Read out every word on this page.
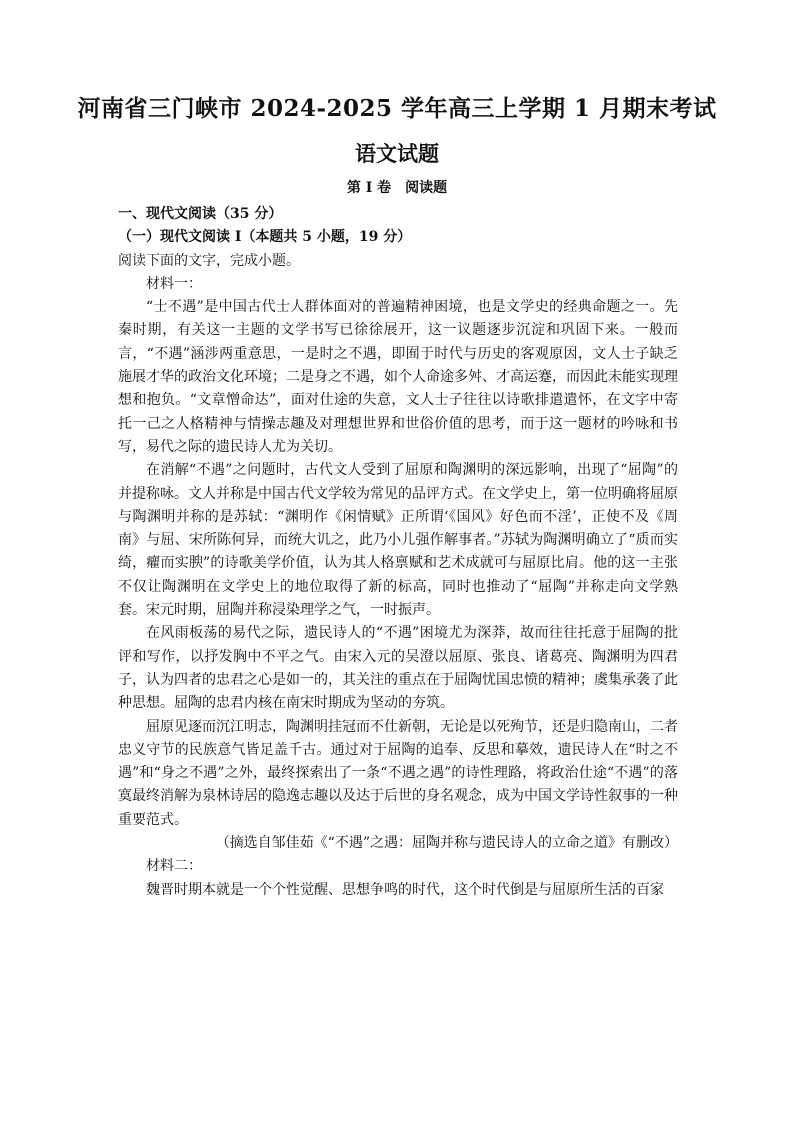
河南省三门峡市 2024-2025 学年高三上学期 1 月期末考试
语文试题
第 I 卷　阅读题

一、现代文阅读（35 分）

（一）现代文阅读 I（本题共 5 小题，19 分）

阅读下面的文字，完成小题。

材料一：

“士不遇”是中国古代士人群体面对的普遍精神困境，也是文学史的经典命题之一。先秦时期，有关这一主题的文学书写已徐徐展开，这一议题逐步沉淀和巩固下来。一般而言，“不遇”涵涉两重意思，一是时之不遇，即囿于时代与历史的客观原因，文人士子缺乏施展才华的政治文化环境；二是身之不遇，如个人命途多舛、才高运蹇，而因此未能实现理想和抱负。“文章憎命达”，面对仕途的失意，文人士子往往以诗歌排遣遣怀，在文字中寄托一己之人格精神与情操志趣及对理想世界和世俗价值的思考，而于这一题材的吟咏和书写，易代之际的遗民诗人尤为关切。

在消解“不遇”之问题时，古代文人受到了屈原和陶渊明的深远影响，出现了“屈陶”的并提称咏。文人并称是中国古代文学较为常见的品评方式。在文学史上，第一位明确将屈原与陶渊明并称的是苏轼：“渊明作《闲情赋》正所谓‘《国风》好色而不淫’，正使不及《周南》与屈、宋所陈何异，而统大讥之，此乃小儿强作解事者。”苏轼为陶渊明确立了“质而实绮，癯而实腴”的诗歌美学价值，认为其人格禀赋和艺术成就可与屈原比肩。他的这一主张不仅让陶渊明在文学史上的地位取得了新的标高，同时也推动了“屈陶”并称走向文学熟套。宋元时期，屈陶并称浸染理学之气，一时振声。

在风雨板荡的易代之际，遗民诗人的“不遇”困境尤为深莽，故而往往托意于屈陶的批评和写作，以抒发胸中不平之气。由宋入元的吴澄以屈原、张良、诸葛亮、陶渊明为四君子，认为四者的忠君之心是如一的，其关注的重点在于屈陶忧国忠愤的精神；虞集承袭了此种思想。屈陶的忠君内核在南宋时期成为坚动的夯筑。

屈原见逐而沉江明志，陶渊明挂冠而不仕新朝，无论是以死殉节，还是归隐南山，二者忠义守节的民族意气皆足盖千古。通过对于屈陶的追奉、反思和摹效，遗民诗人在“时之不遇”和“身之不遇”之外，最终探索出了一条“不遇之遇”的诗性理路，将政治仕途“不遇”的落寞最终消解为泉林诗居的隐逸志趣以及达于后世的身名观念，成为中国文学诗性叙事的一种重要范式。

（摘选自邹佳茹《“不遇”之遇：屈陶并称与遗民诗人的立命之道》有删改）

材料二：

魏晋时期本就是一个个性觉醒、思想争鸣的时代，这个时代倒是与屈原所生活的百家
